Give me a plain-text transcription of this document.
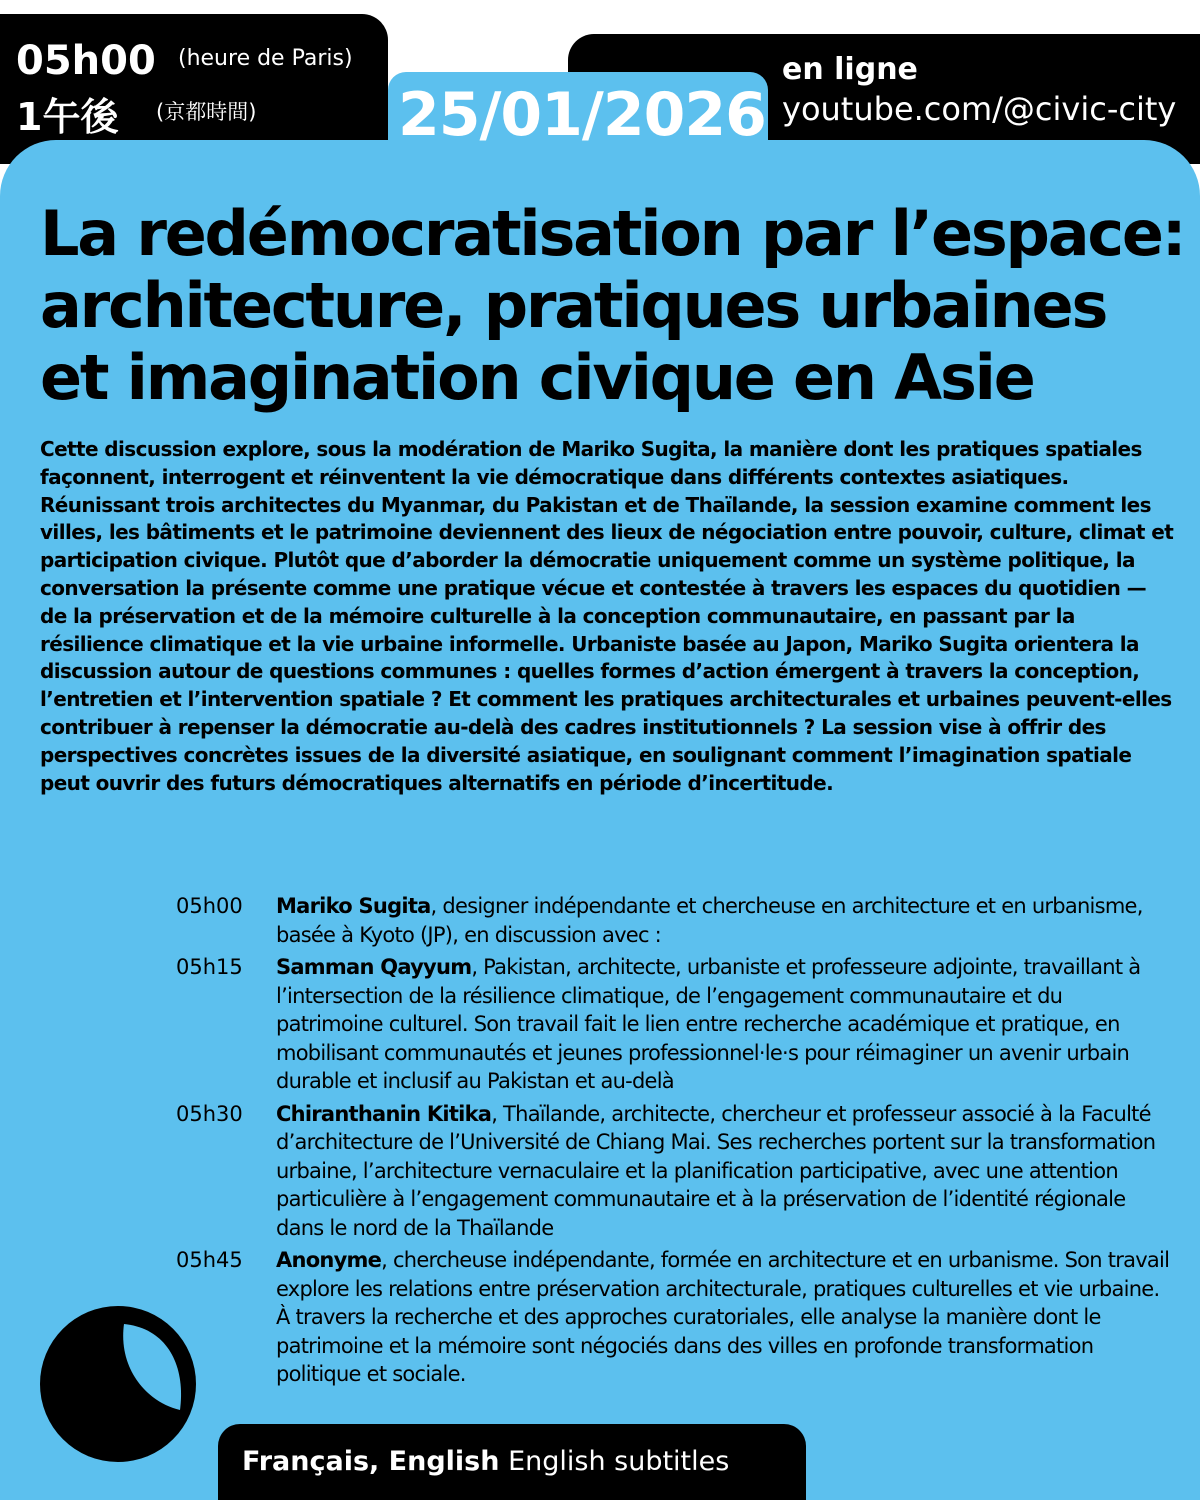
05h00 (heure de Paris)
1午後 (京都時間) 25/01/2026
en ligne
youtube.com/@civic-city
La redémocratisation par l’espace: architecture, pratiques urbaines et imagination civique en Asie

Cette discussion explore, sous la modération de Mariko Sugita, la manière dont les pratiques spatiales façonnent, interrogent et réinventent la vie démocratique dans différents contextes asiatiques. Réunissant trois architectes du Myanmar, du Pakistan et de Thaïlande, la session examine comment les villes, les bâtiments et le patrimoine deviennent des lieux de négociation entre pouvoir, culture, climat et participation civique. Plutôt que d’aborder la démocratie uniquement comme un système politique, la conversation la présente comme une pratique vécue et contestée à travers les espaces du quotidien — de la préservation et de la mémoire culturelle à la conception communautaire, en passant par la résilience climatique et la vie urbaine informelle. Urbaniste basée au Japon, Mariko Sugita orientera la discussion autour de questions communes : quelles formes d’action émergent à travers la conception, l’entretien et l’intervention spatiale ? Et comment les pratiques architecturales et urbaines peuvent-elles contribuer à repenser la démocratie au-delà des cadres institutionnels ? La session vise à offrir des perspectives concrètes issues de la diversité asiatique, en soulignant comment l’imagination spatiale peut ouvrir des futurs démocratiques alternatifs en période d’incertitude.

05h00	Mariko Sugita, designer indépendante et chercheuse en architecture et en urbanisme, basée à Kyoto (JP), en discussion avec :
05h15	Samman Qayyum, Pakistan, architecte, urbaniste et professeure adjointe, travaillant à l’intersection de la résilience climatique, de l’engagement communautaire et du patrimoine culturel. Son travail fait le lien entre recherche académique et pratique, en mobilisant communautés et jeunes professionnel·le·s pour réimaginer un avenir urbain durable et inclusif au Pakistan et au-delà
05h30	Chiranthanin Kitika, Thaïlande, architecte, chercheur et professeur associé à la Faculté d’architecture de l’Université de Chiang Mai. Ses recherches portent sur la transformation urbaine, l’architecture vernaculaire et la planification participative, avec une attention particulière à l’engagement communautaire et à la préservation de l’identité régionale dans le nord de la Thaïlande
05h45	Anonyme, chercheuse indépendante, formée en architecture et en urbanisme. Son travail explore les relations entre préservation architecturale, pratiques culturelles et vie urbaine. À travers la recherche et des approches curatoriales, elle analyse la manière dont le patrimoine et la mémoire sont négociés dans des villes en profonde transformation politique et sociale.
Français, English English subtitles
